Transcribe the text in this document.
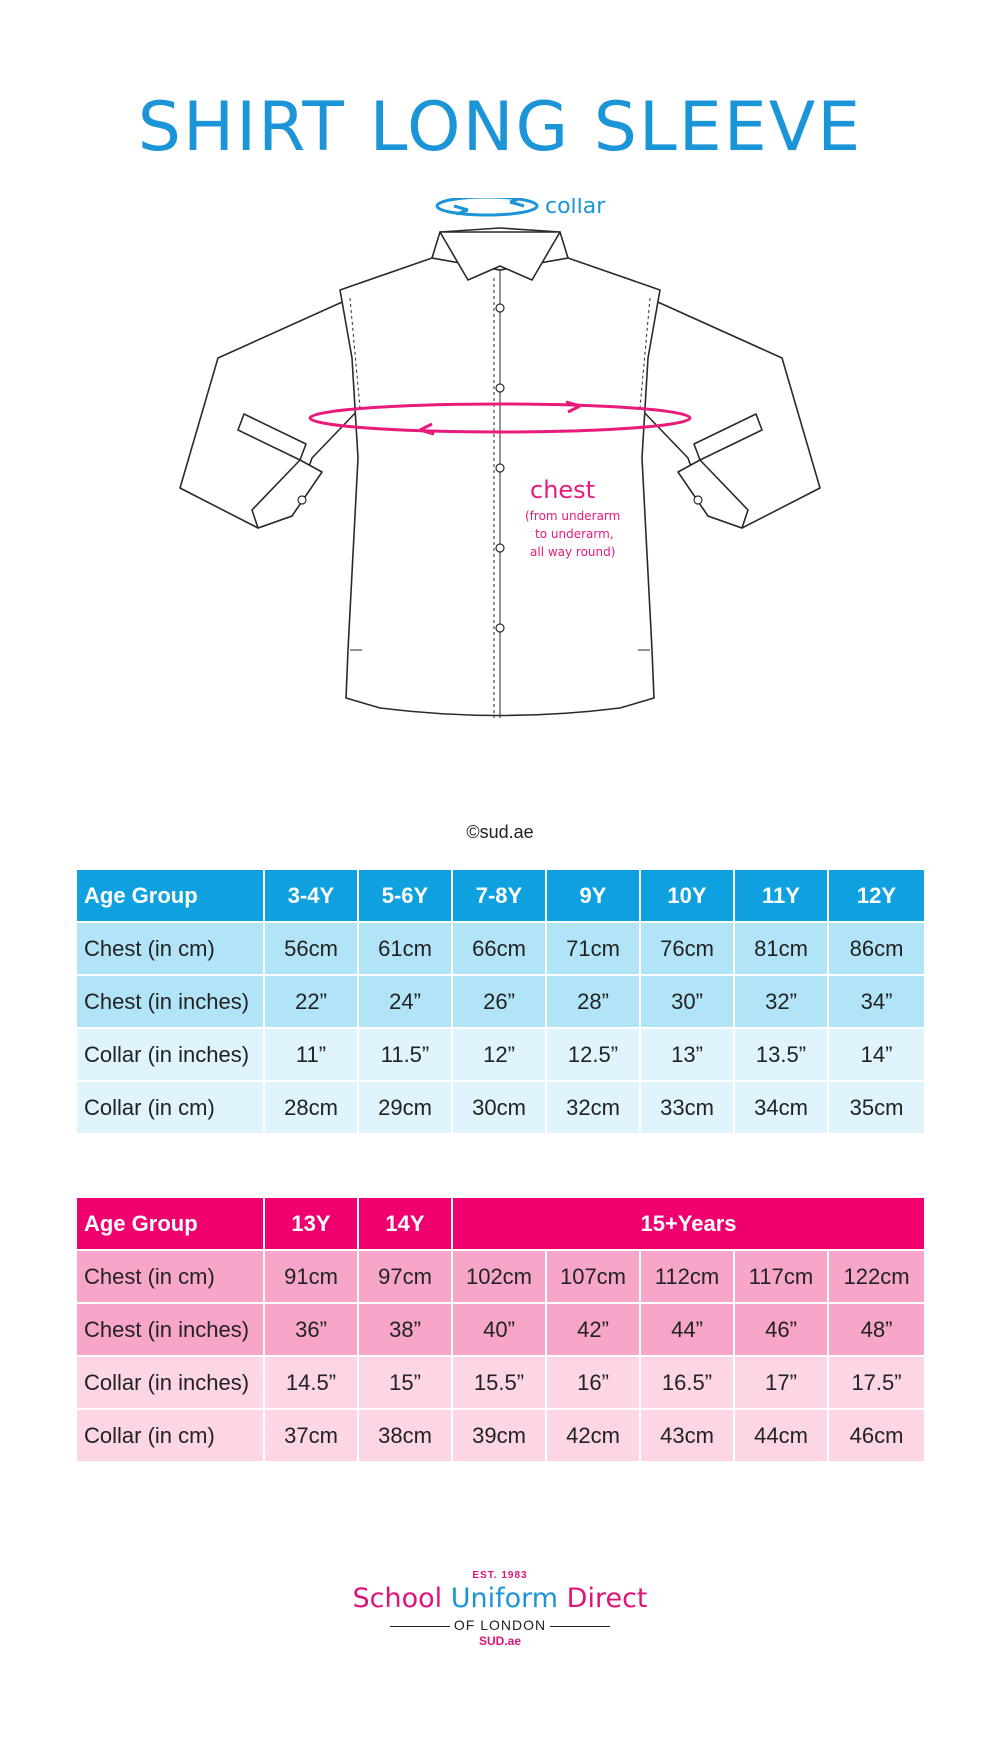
SHIRT LONG SLEEVE
collar
chest
(from underarm
to underarm,
all way round)
©sud.ae
Age Group	3-4Y	5-6Y	7-8Y	9Y	10Y	11Y	12Y
Chest (in cm)	56cm	61cm	66cm	71cm	76cm	81cm	86cm
Chest (in inches)	22”	24”	26”	28”	30”	32”	34”
Collar (in inches)	11”	11.5”	12”	12.5”	13”	13.5”	14”
Collar (in cm)	28cm	29cm	30cm	32cm	33cm	34cm	35cm
Age Group	13Y	14Y	15+Years				
Chest (in cm)	91cm	97cm	102cm	107cm	112cm	117cm	122cm
Chest (in inches)	36”	38”	40”	42”	44”	46”	48”
Collar (in inches)	14.5”	15”	15.5”	16”	16.5”	17”	17.5”
Collar (in cm)	37cm	38cm	39cm	42cm	43cm	44cm	46cm
EST. 1983
School Uniform Direct
OF LONDON
SUD.ae
